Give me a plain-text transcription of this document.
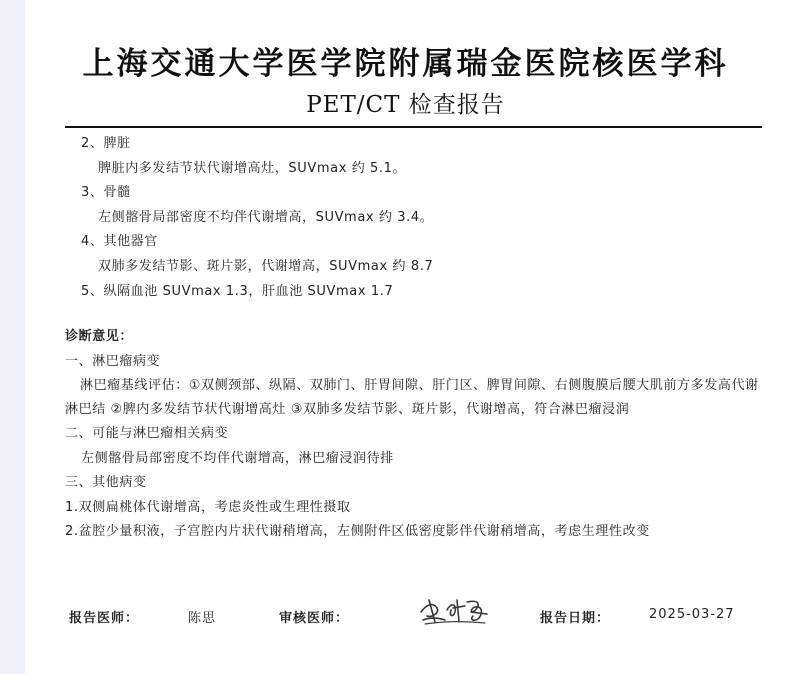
上海交通大学医学院附属瑞金医院核医学科
PET/CT 检查报告
2、脾脏
脾脏内多发结节状代谢增高灶，SUVmax 约 5.1。
3、骨髓
左侧髂骨局部密度不均伴代谢增高，SUVmax 约 3.4。
4、其他器官
双肺多发结节影、斑片影，代谢增高，SUVmax 约 8.7
5、纵隔血池 SUVmax 1.3，肝血池 SUVmax 1.7
诊断意见：
一、淋巴瘤病变
淋巴瘤基线评估：①双侧颈部、纵隔、双肺门、肝胃间隙、肝门区、脾胃间隙、右侧腹膜后腰大肌前方多发高代谢淋巴结 ②脾内多发结节状代谢增高灶 ③双肺多发结节影、斑片影，代谢增高，符合淋巴瘤浸润
二、可能与淋巴瘤相关病变
左侧髂骨局部密度不均伴代谢增高，淋巴瘤浸润待排
三、其他病变
1.双侧扁桃体代谢增高，考虑炎性或生理性摄取
2.盆腔少量积液，子宫腔内片状代谢稍增高，左侧附件区低密度影伴代谢稍增高，考虑生理性改变
报告医师：	陈思	审核医师：	报告日期：	2025-03-27
